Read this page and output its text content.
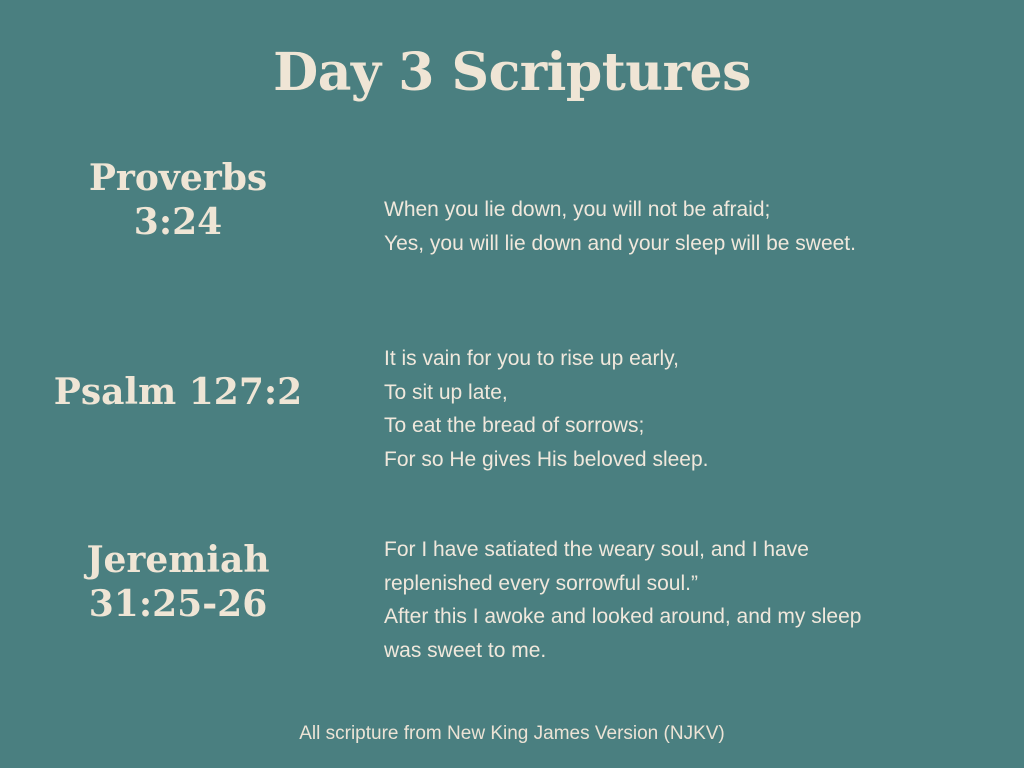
Day 3 Scriptures
Proverbs
3:24	When you lie down, you will not be afraid;
Yes, you will lie down and your sleep will be sweet.
Psalm 127:2
It is vain for you to rise up early,
To sit up late,
To eat the bread of sorrows;
For so He gives His beloved sleep.
Jeremiah
31:25-26
For I have satiated the weary soul, and I have
replenished every sorrowful soul.”
After this I awoke and looked around, and my sleep
was sweet to me.
All scripture from New King James Version (NJKV)
